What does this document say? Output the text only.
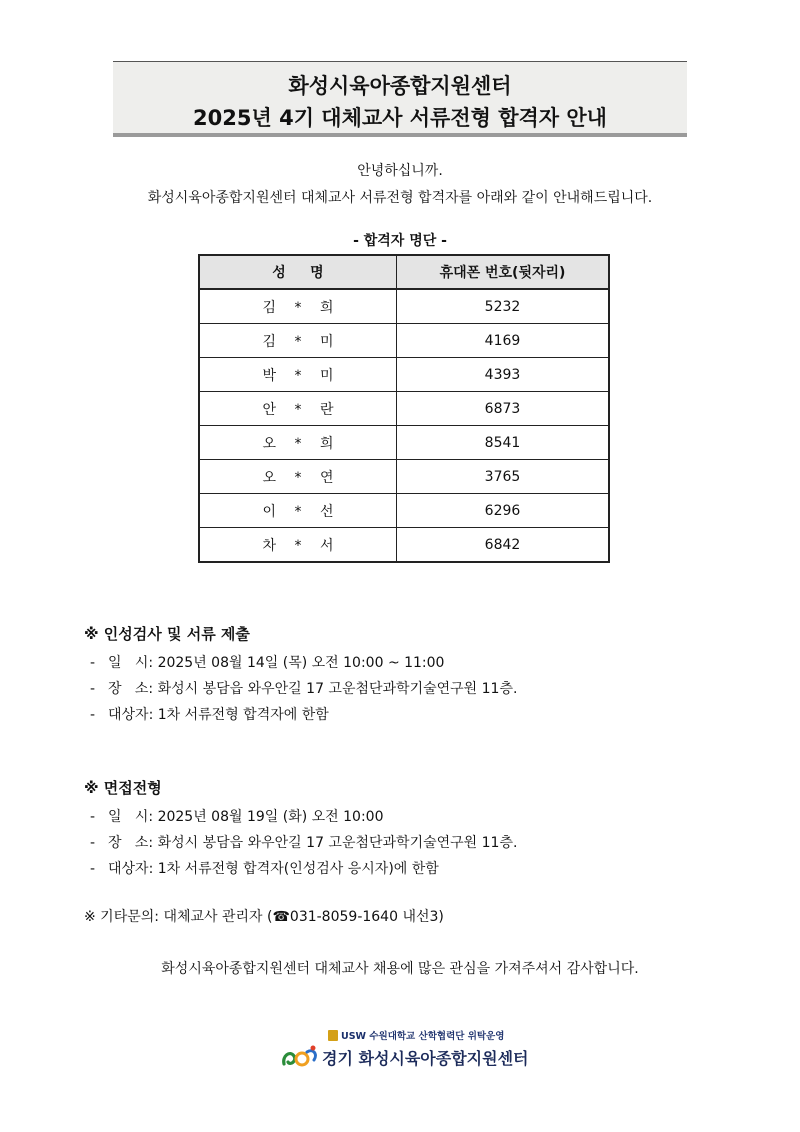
화성시육아종합지원센터
2025년 4기 대체교사 서류전형 합격자 안내
안녕하십니까.
화성시육아종합지원센터 대체교사 서류전형 합격자를 아래와 같이 안내해드립니다.
- 합격자 명단 -
성     명	휴대폰 번호(뒷자리)
김 * 희	5232
김 * 미	4169
박 * 미	4393
안 * 란	6873
오 * 희	8541
오 * 연	3765
이 * 선	6296
차 * 서	6842
※ 인성검사 및 서류 제출
- 일   시: 2025년 08월 14일 (목) 오전 10:00 ~ 11:00
- 장   소: 화성시 봉담읍 와우안길 17 고운첨단과학기술연구원 11층.
- 대상자: 1차 서류전형 합격자에 한함
※ 면접전형
- 일   시: 2025년 08월 19일 (화) 오전 10:00
- 장   소: 화성시 봉담읍 와우안길 17 고운첨단과학기술연구원 11층.
- 대상자: 1차 서류전형 합격자(인성검사 응시자)에 한함
※ 기타문의: 대체교사 관리자 (☎031-8059-1640 내선3)
화성시육아종합지원센터 대체교사 채용에 많은 관심을 가져주셔서 감사합니다.
USW 수원대학교 산학협력단 위탁운영
경기 화성시육아종합지원센터
